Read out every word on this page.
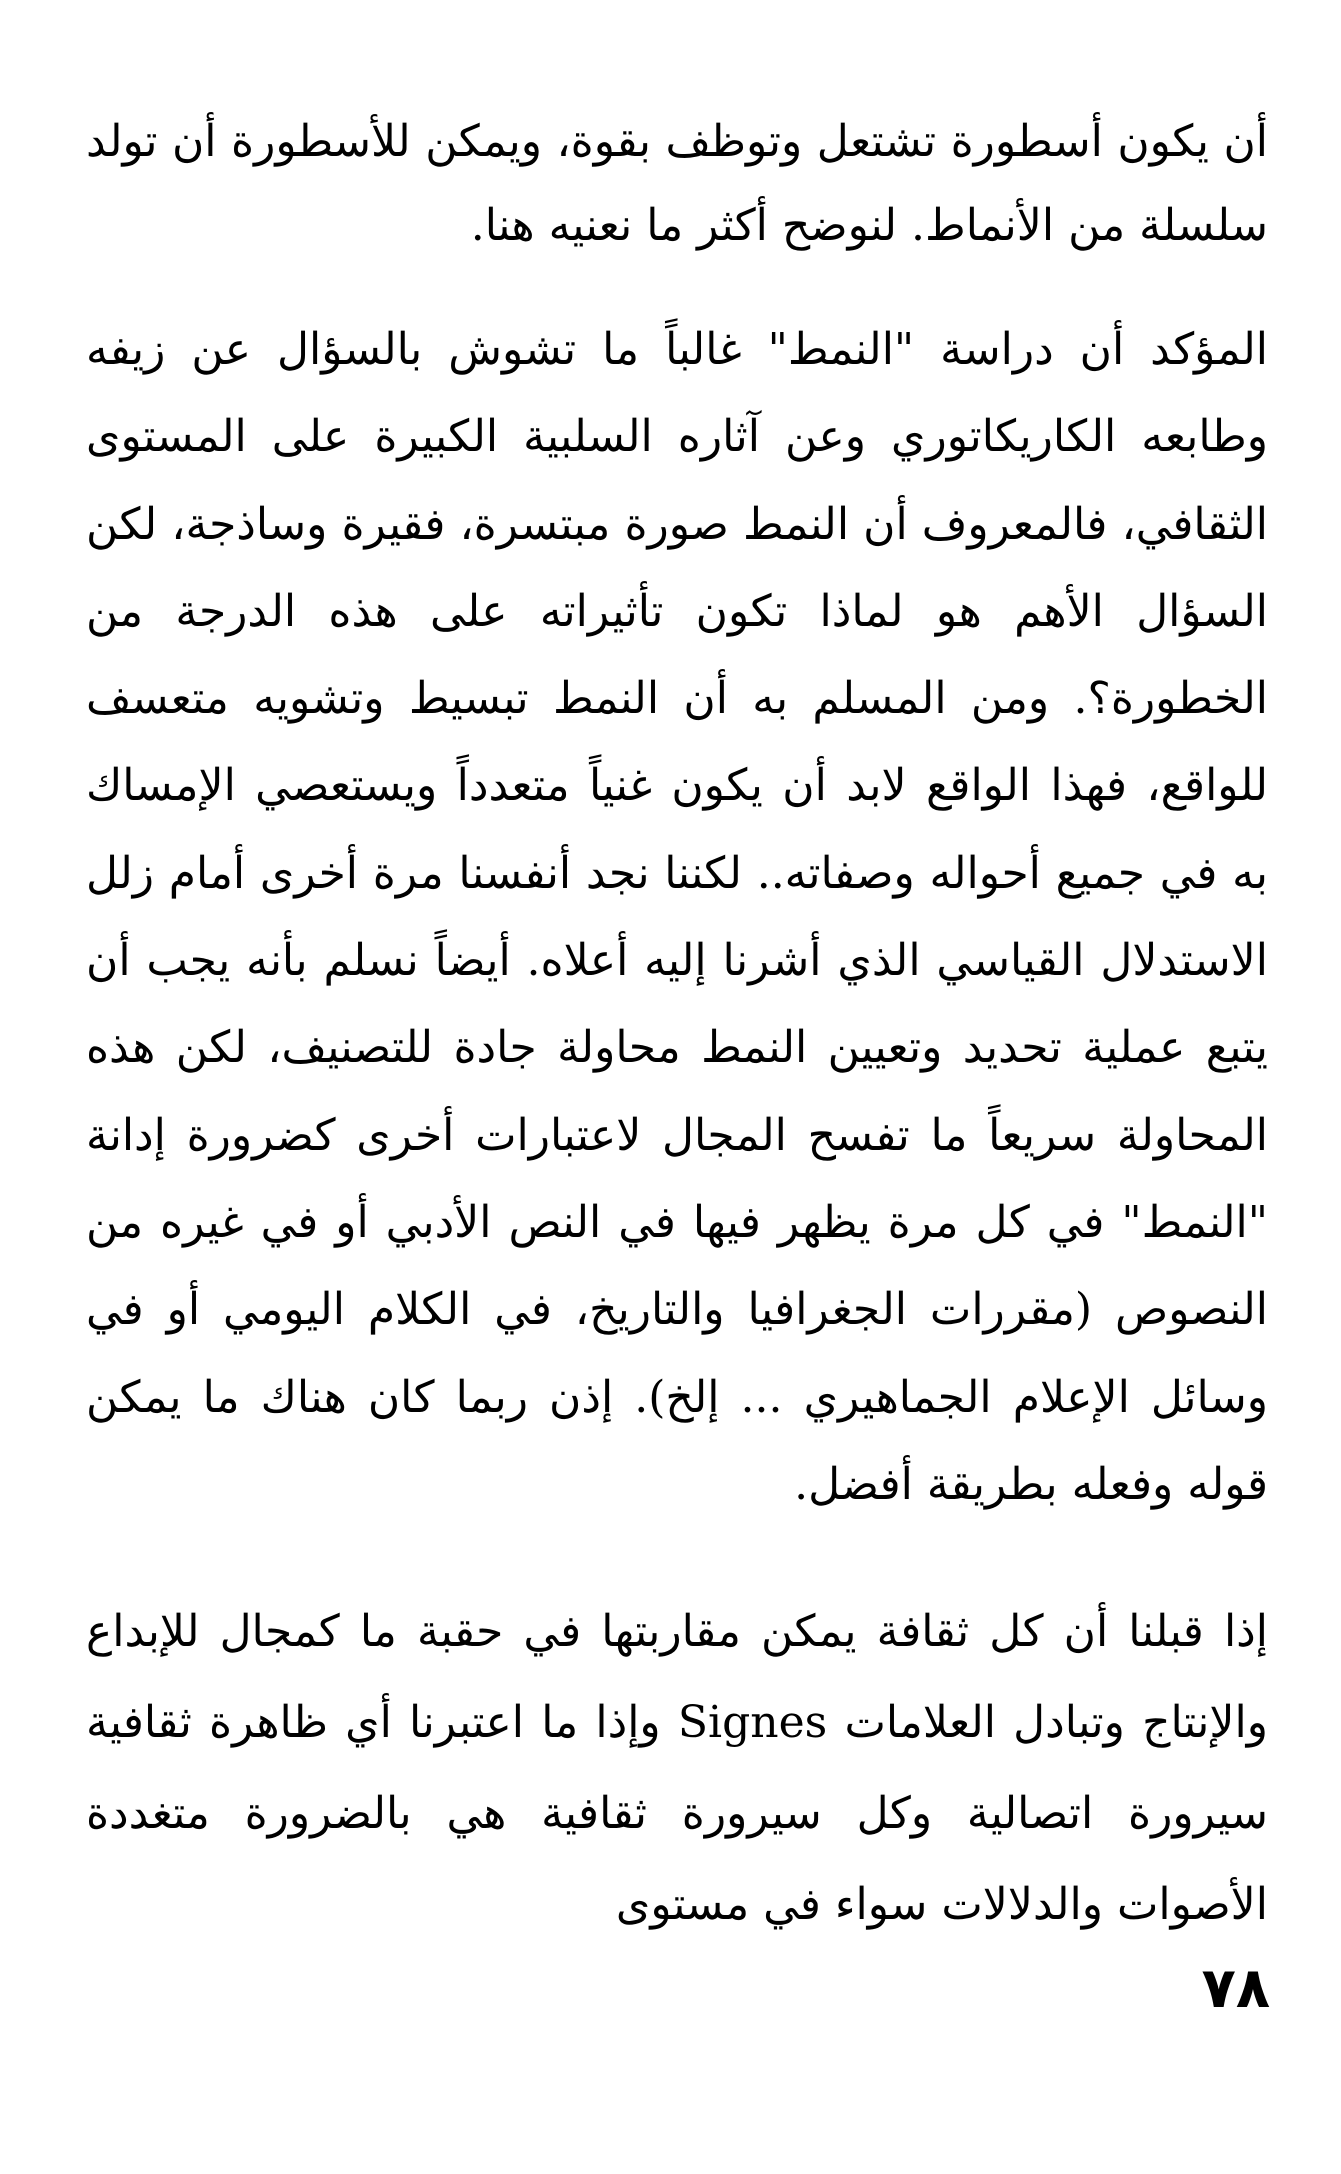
أن يكون أسطورة تشتعل وتوظف بقوة، ويمكن للأسطورة أن تولد سلسلة من الأنماط. لنوضح أكثر ما نعنيه هنا.

المؤكد أن دراسة "النمط" غالباً ما تشوش بالسؤال عن زيفه وطابعه الكاريكاتوري وعن آثاره السلبية الكبيرة على المستوى الثقافي، فالمعروف أن النمط صورة مبتسرة، فقيرة وساذجة، لكن السؤال الأهم هو لماذا تكون تأثيراته على هذه الدرجة من الخطورة؟. ومن المسلم به أن النمط تبسيط وتشويه متعسف للواقع، فهذا الواقع لابد أن يكون غنياً متعدداً ويستعصي الإمساك به في جميع أحواله وصفاته.. لكننا نجد أنفسنا مرة أخرى أمام زلل الاستدلال القياسي الذي أشرنا إليه أعلاه. أيضاً نسلم بأنه يجب أن يتبع عملية تحديد وتعيين النمط محاولة جادة للتصنيف، لكن هذه المحاولة سريعاً ما تفسح المجال لاعتبارات أخرى كضرورة إدانة "النمط" في كل مرة يظهر فيها في النص الأدبي أو في غيره من النصوص (مقررات الجغرافيا والتاريخ، في الكلام اليومي أو في وسائل الإعلام الجماهيري ... إلخ). إذن ربما كان هناك ما يمكن قوله وفعله بطريقة أفضل.

إذا قبلنا أن كل ثقافة يمكن مقاربتها في حقبة ما كمجال للإبداع والإنتاج وتبادل العلامات Signes وإذا ما اعتبرنا أي ظاهرة ثقافية سيرورة اتصالية وكل سيرورة ثقافية هي بالضرورة متغددة الأصوات والدلالات سواء في مستوى

٧٨
